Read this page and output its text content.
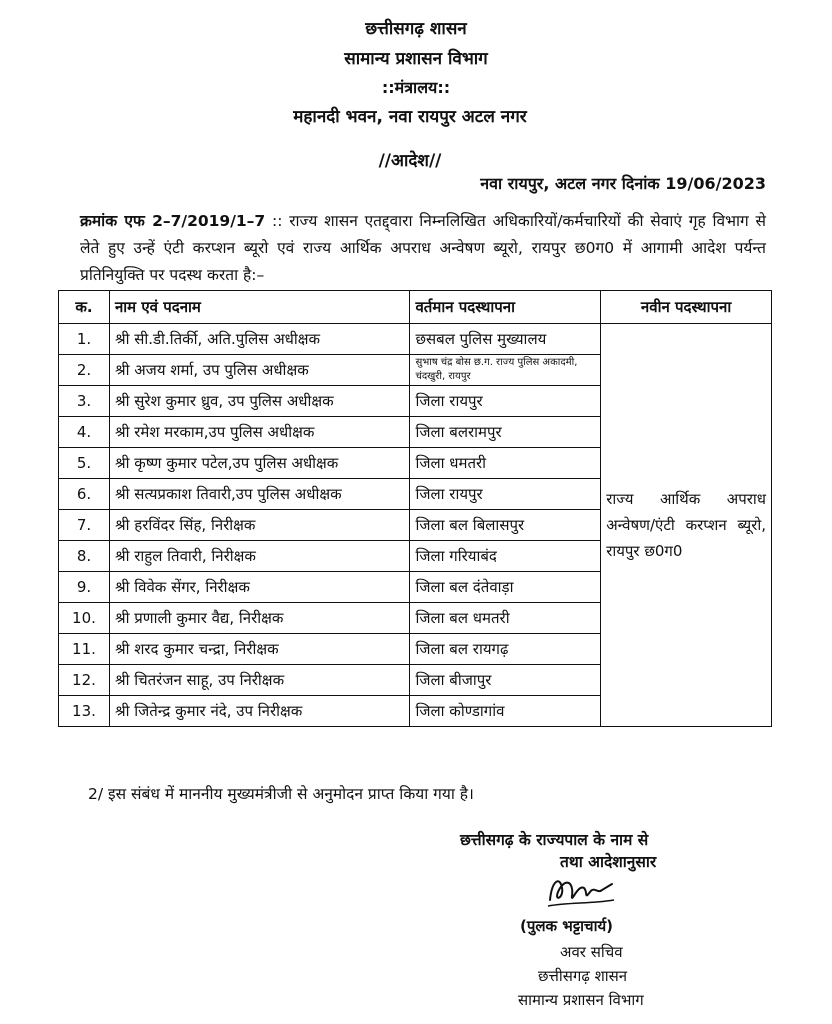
छत्तीसगढ़ शासन
सामान्य प्रशासन विभाग
::मंत्रालय::
महानदी भवन, नवा रायपुर अटल नगर
//आदेश//
नवा रायपुर, अटल नगर दिनांक 19/06/2023
क्रमांक एफ 2–7/2019/1–7 :: राज्य शासन एतद्द्वारा निम्नलिखित अधिकारियों/कर्मचारियों की सेवाएं गृह विभाग से लेते हुए उन्हें एंटी करप्शन ब्यूरो एवं राज्य आर्थिक अपराध अन्वेषण ब्यूरो, रायपुर छ0ग0 में आगामी आदेश पर्यन्त प्रतिनियुक्ति पर पदस्थ करता है:–
क.	नाम एवं पदनाम	वर्तमान पदस्थापना	नवीन पदस्थापना
1.	श्री सी.डी.तिर्की, अति.पुलिस अधीक्षक	छसबल पुलिस मुख्यालय	राज्य आर्थिक अपराध अन्वेषण/एंटी करप्शन ब्यूरो, रायपुर छ0ग0
2.	श्री अजय शर्मा, उप पुलिस अधीक्षक	सुभाष चंद्र बोस छ.ग. राज्य पुलिस अकादमी, चंदखुरी, रायपुर	
3.	श्री सुरेश कुमार ध्रुव, उप पुलिस अधीक्षक	जिला रायपुर	
4.	श्री रमेश मरकाम,उप पुलिस अधीक्षक	जिला बलरामपुर	
5.	श्री कृष्ण कुमार पटेल,उप पुलिस अधीक्षक	जिला धमतरी	
6.	श्री सत्यप्रकाश तिवारी,उप पुलिस अधीक्षक	जिला रायपुर	
7.	श्री हरविंदर सिंह, निरीक्षक	जिला बल बिलासपुर	
8.	श्री राहुल तिवारी, निरीक्षक	जिला गरियाबंद	
9.	श्री विवेक सेंगर, निरीक्षक	जिला बल दंतेवाड़ा	
10.	श्री प्रणाली कुमार वैद्य, निरीक्षक	जिला बल धमतरी	
11.	श्री शरद कुमार चन्द्रा, निरीक्षक	जिला बल रायगढ़	
12.	श्री चितरंजन साहू, उप निरीक्षक	जिला बीजापुर	
13.	श्री जितेन्द्र कुमार नंदे, उप निरीक्षक	जिला कोण्डागांव	
2/ इस संबंध में माननीय मुख्यमंत्रीजी से अनुमोदन प्राप्त किया गया है।
छत्तीसगढ़ के राज्यपाल के नाम से
तथा आदेशानुसार
(पुलक भट्टाचार्य)
अवर सचिव
छत्तीसगढ़ शासन
सामान्य प्रशासन विभाग
